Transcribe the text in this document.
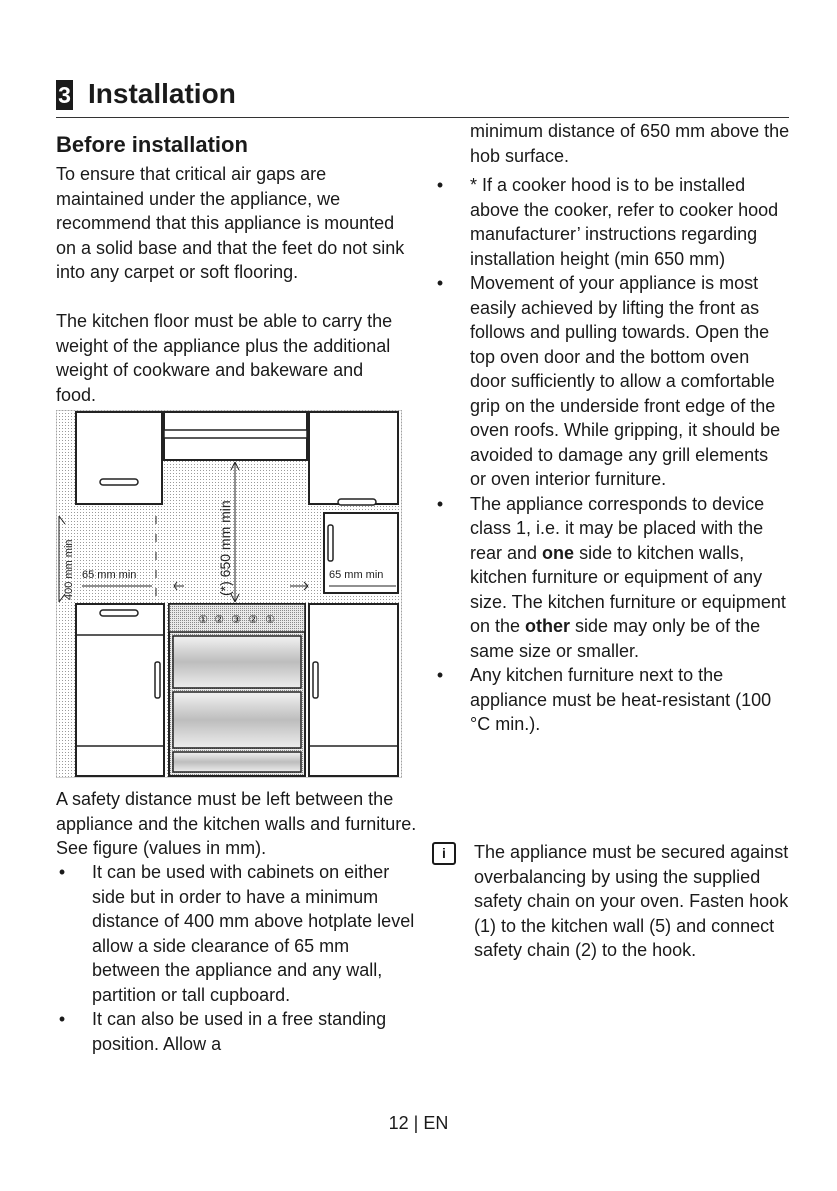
3 Installation
Before installation

To ensure that critical air gaps are maintained under the appliance, we recommend that this appliance is mounted on a solid base and that the feet do not sink into any carpet or soft flooring.

The kitchen floor must be able to carry the weight of the appliance plus the additional weight of cookware and bakeware and food.

① ② ③ ② ①
400 mm min 65 mm min	65 mm min
(*) 650 mm min

A safety distance must be left between the appliance and the kitchen walls and furniture. See figure (values in mm).

• It can be used with cabinets on either side but in order to have a minimum distance of 400 mm above hotplate level allow a side clearance of 65 mm between the appliance and any wall, partition or tall cupboard.
• It can also be used in a free standing position. Allow a

minimum distance of 650 mm above the hob surface.

• * If a cooker hood is to be installed above the cooker, refer to cooker hood manufacturer’ instructions regarding installation height (min 650 mm)
• Movement of your appliance is most easily achieved by lifting the front as follows and pulling towards. Open the top oven door and the bottom oven door sufficiently to allow a comfortable grip on the underside front edge of the oven roofs. While gripping, it should be avoided to damage any grill elements or oven interior furniture.
• The appliance corresponds to device class 1, i.e. it may be placed with the rear and one side to kitchen walls, kitchen furniture or equipment of any size. The kitchen furniture or equipment on the other side may only be of the same size or smaller.
• Any kitchen furniture next to the appliance must be heat-resistant (100 °C min.).
i	The appliance must be secured against overbalancing by using the supplied safety chain on your oven. Fasten hook (1) to the kitchen wall (5) and connect safety chain (2) to the hook.

12 | EN
